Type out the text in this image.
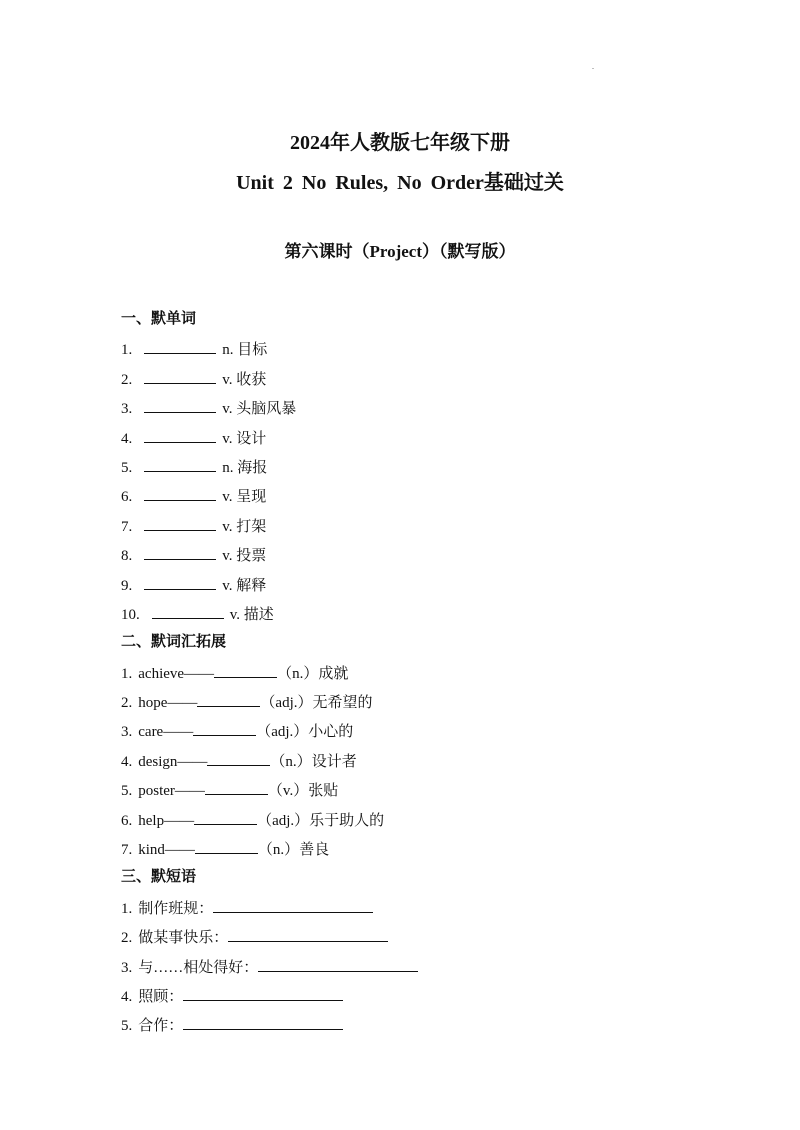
.
2024年人教版七年级下册
Unit 2 No Rules, No Order基础过关
第六课时（Project）（默写版）
一、默单词
1.	n. 目标
2.	v. 收获
3.	v. 头脑风暴
4.	v. 设计
5.	n. 海报
6.	v. 呈现
7.	v. 打架
8.	v. 投票
9.	v. 解释
10.	v. 描述
二、默词汇拓展
1. achieve——	（n.）成就
2. hope——	（adj.）无希望的
3. care——	（adj.）小心的
4. design——	（n.）设计者
5. poster——	（v.）张贴
6. help——	（adj.）乐于助人的
7. kind——	（n.）善良
三、默短语
1. 制作班规：
2. 做某事快乐：
3. 与……相处得好：
4. 照顾：
5. 合作：
